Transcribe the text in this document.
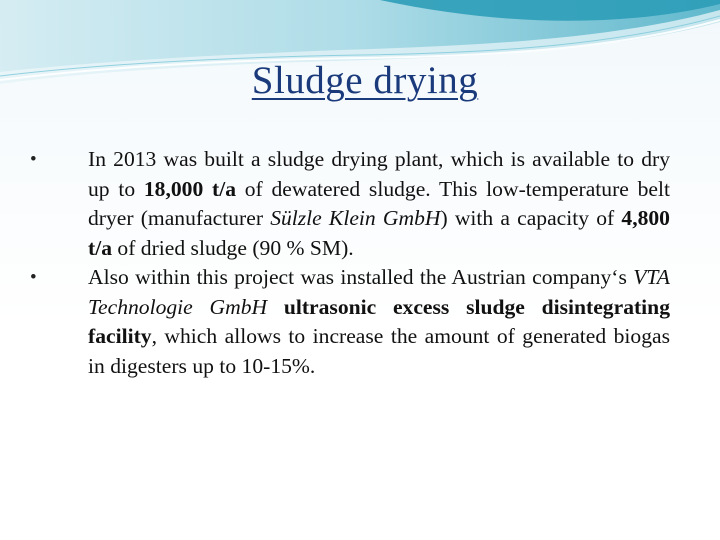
Sludge drying
• In 2013 was built a sludge drying plant, which is available to dry up to 18,000 t/a of dewatered sludge. This low-temperature belt dryer (manufacturer Sülzle Klein GmbH) with a capacity of 4,800 t/a of dried sludge (90 % SM).
• Also within this project was installed the Austrian company‘s VTA Technologie GmbH ultrasonic excess sludge disintegrating facility, which allows to increase the amount of generated biogas in digesters up to 10-15%.
